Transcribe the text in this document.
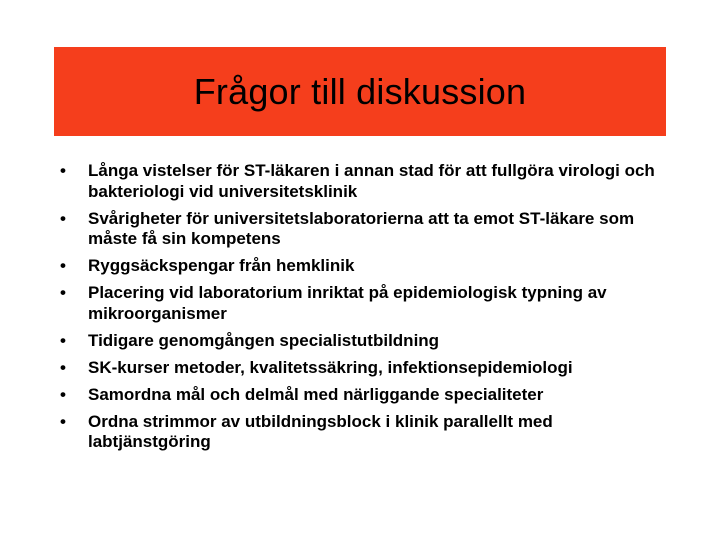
Frågor till diskussion
•	Långa vistelser för ST-läkaren i annan stad för att fullgöra virologi och bakteriologi vid universitetsklinik
•	Svårigheter för universitetslaboratorierna att ta emot ST-läkare som måste få sin kompetens
•	Ryggsäckspengar från hemklinik
•	Placering vid laboratorium inriktat på epidemiologisk typning av mikroorganismer
•	Tidigare genomgången specialistutbildning
•	SK-kurser metoder, kvalitetssäkring, infektionsepidemiologi
•	Samordna mål och delmål med närliggande specialiteter
•	Ordna strimmor av utbildningsblock i klinik parallellt med labtjänstgöring
